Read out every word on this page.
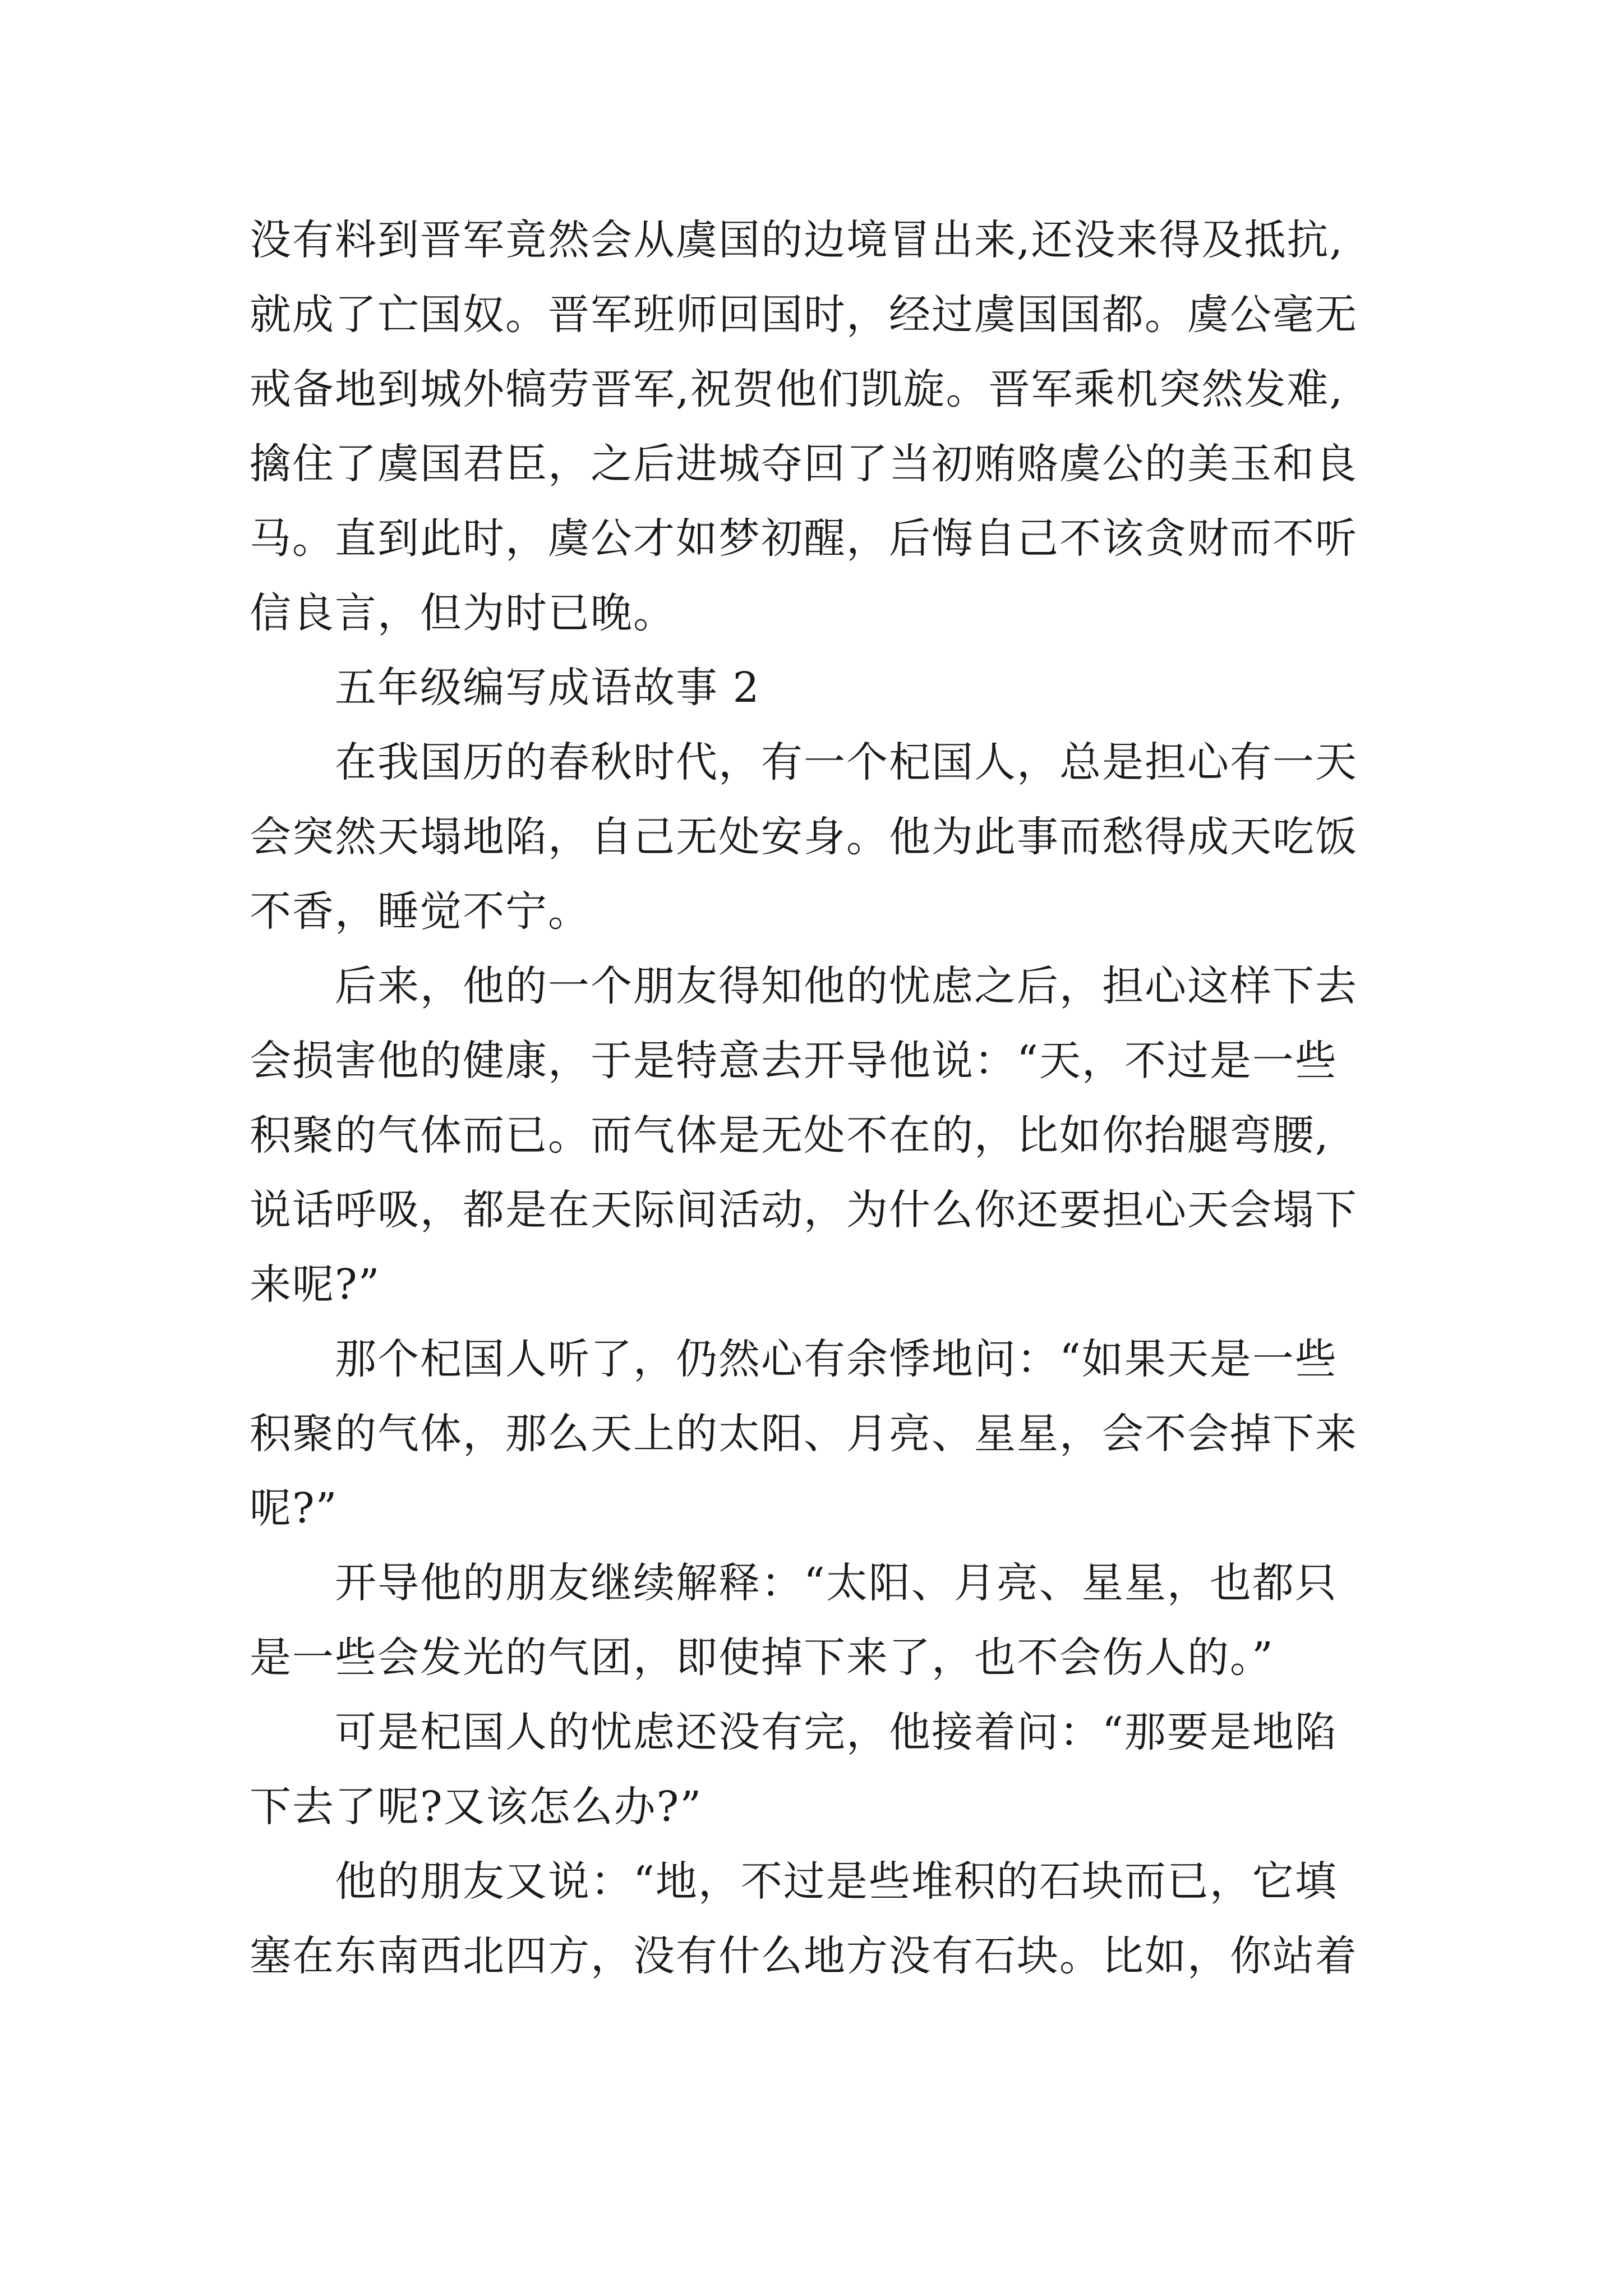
没有料到晋军竟然会从虞国的边境冒出来,还没来得及抵抗,
就成了亡国奴。晋军班师回国时，经过虞国国都。虞公毫无
戒备地到城外犒劳晋军,祝贺他们凯旋。晋军乘机突然发难,
擒住了虞国君臣，之后进城夺回了当初贿赂虞公的美玉和良
马。直到此时，虞公才如梦初醒，后悔自己不该贪财而不听
信良言，但为时已晚。
五年级编写成语故事 2
在我国历的春秋时代，有一个杞国人，总是担心有一天
会突然天塌地陷，自己无处安身。他为此事而愁得成天吃饭
不香，睡觉不宁。
后来，他的一个朋友得知他的忧虑之后，担心这样下去
会损害他的健康，于是特意去开导他说：“天，不过是一些
积聚的气体而已。而气体是无处不在的，比如你抬腿弯腰,
说话呼吸，都是在天际间活动，为什么你还要担心天会塌下
来呢?”
那个杞国人听了，仍然心有余悸地问：“如果天是一些
积聚的气体，那么天上的太阳、月亮、星星，会不会掉下来
呢?”
开导他的朋友继续解释：“太阳、月亮、星星，也都只
是一些会发光的气团，即使掉下来了，也不会伤人的。”
可是杞国人的忧虑还没有完，他接着问：“那要是地陷
下去了呢?又该怎么办?”
他的朋友又说：“地，不过是些堆积的石块而已，它填
塞在东南西北四方，没有什么地方没有石块。比如，你站着
